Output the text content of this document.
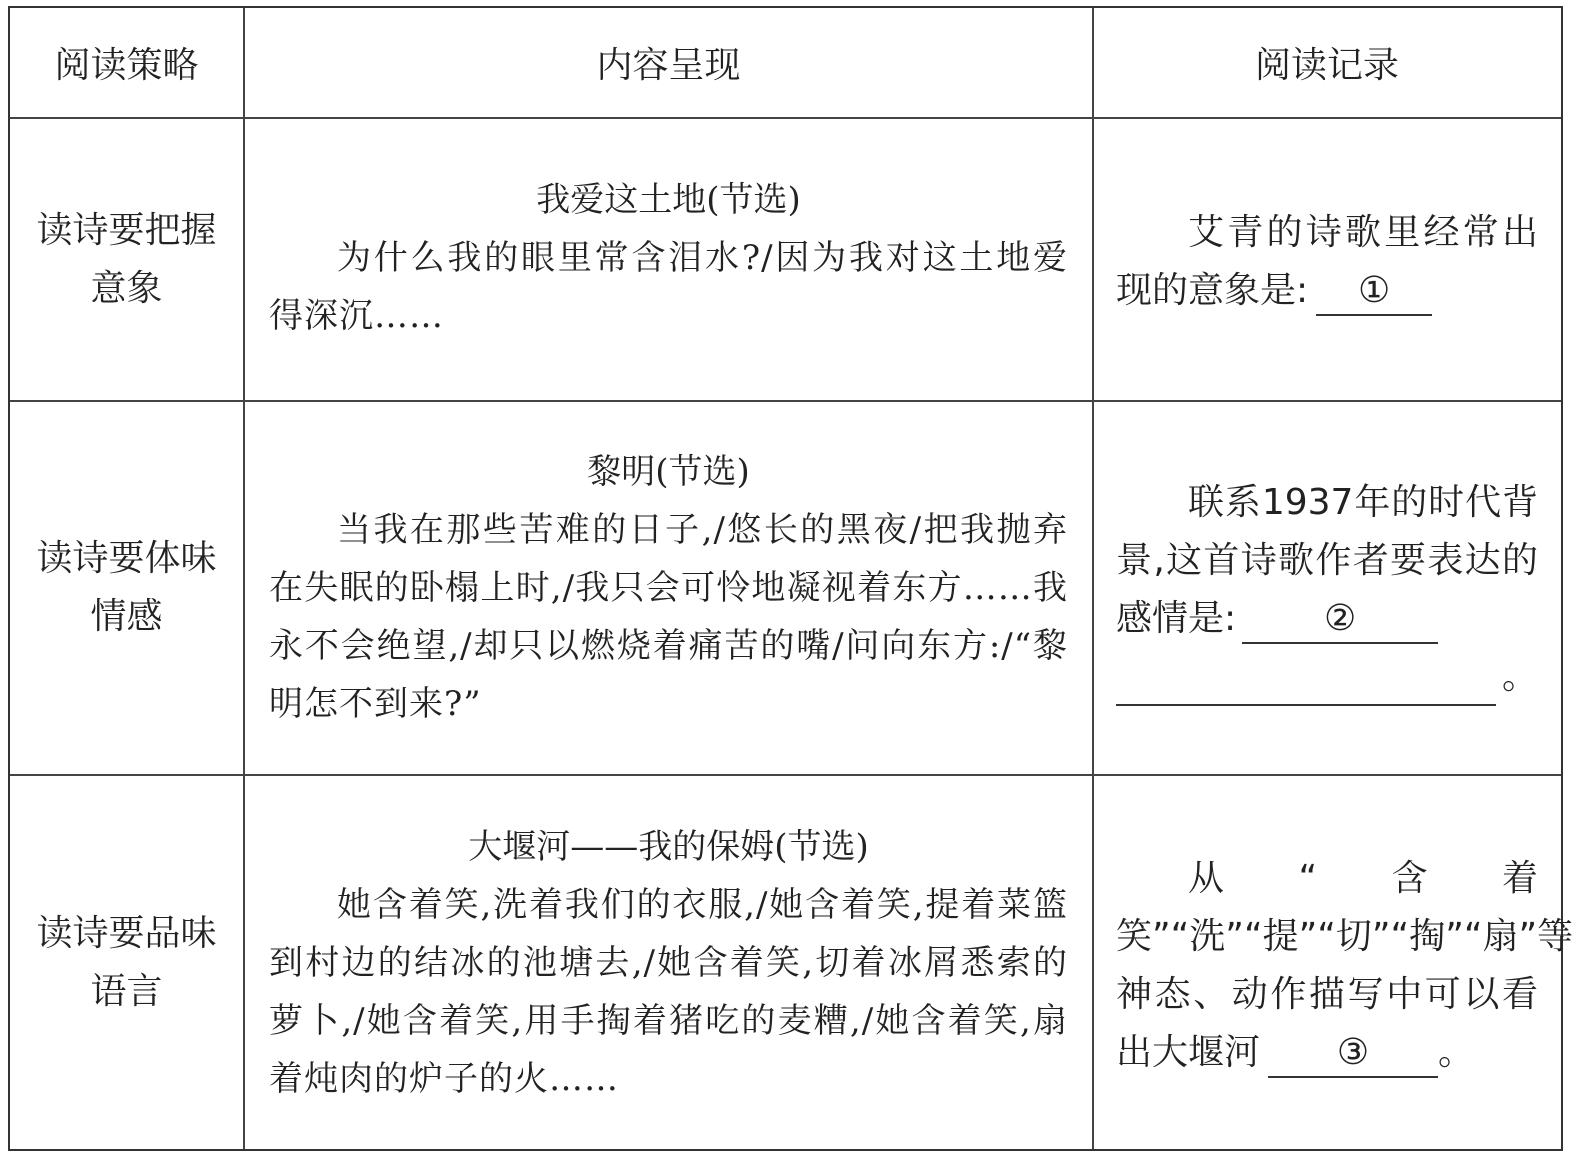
阅读策略	内容呈现	阅读记录
读诗要把握
意象

我爱这土地(节选)

为什么我的眼里常含泪水?/因为我对这土地爱得深沉……

艾青的诗歌里经常出现的意象是: ①

读诗要体味
情感

黎明(节选)

当我在那些苦难的日子,/悠长的黑夜/把我抛弃在失眠的卧榻上时,/我只会可怜地凝视着东方……我永不会绝望,/却只以燃烧着痛苦的嘴/问向东方:/“黎明怎不到来?”

联系1937年的时代背景,这首诗歌作者要表达的感情是: ②

。
读诗要品味
语言

大堰河——我的保姆(节选)

她含着笑,洗着我们的衣服,/她含着笑,提着菜篮到村边的结冰的池塘去,/她含着笑,切着冰屑悉索的萝卜,/她含着笑,用手掏着猪吃的麦糟,/她含着笑,扇着炖肉的炉子的火……

从“含着笑”“洗”“提”“切”“掏”“扇”等神态、动作描写中可以看出大堰河 ③ 。
